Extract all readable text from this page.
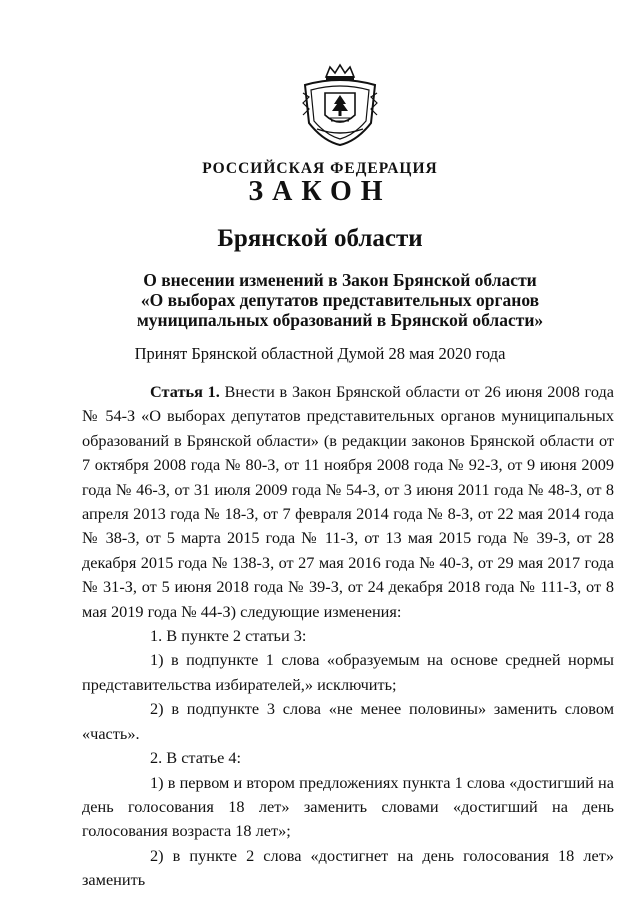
РОССИЙСКАЯ ФЕДЕРАЦИЯ
ЗАКОН
Брянской области
О внесении изменений в Закон Брянской области
«О выборах депутатов представительных органов
муниципальных образований в Брянской области»
Принят Брянской областной Думой 28 мая 2020 года

Статья 1. Внести в Закон Брянской области от 26 июня 2008 года № 54-З «О выборах депутатов представительных органов муниципальных образований в Брянской области» (в редакции законов Брянской области от 7 октября 2008 года № 80-З, от 11 ноября 2008 года № 92-З, от 9 июня 2009 года № 46-З, от 31 июля 2009 года № 54-З, от 3 июня 2011 года № 48-З, от 8 апреля 2013 года № 18-З, от 7 февраля 2014 года № 8-З, от 22 мая 2014 года № 38-З, от 5 марта 2015 года № 11-З, от 13 мая 2015 года № 39-З, от 28 декабря 2015 года № 138-З, от 27 мая 2016 года № 40-З, от 29 мая 2017 года № 31-З, от 5 июня 2018 года № 39-З, от 24 декабря 2018 года № 111-З, от 8 мая 2019 года № 44-З) следующие изменения:

1. В пункте 2 статьи 3:

1) в подпункте 1 слова «образуемым на основе средней нормы представительства избирателей,» исключить;

2) в подпункте 3 слова «не менее половины» заменить словом «часть».

2. В статье 4:

1) в первом и втором предложениях пункта 1 слова «достигший на день голосования 18 лет» заменить словами «достигший на день голосования возраста 18 лет»;

2) в пункте 2 слова «достигнет на день голосования 18 лет» заменить
